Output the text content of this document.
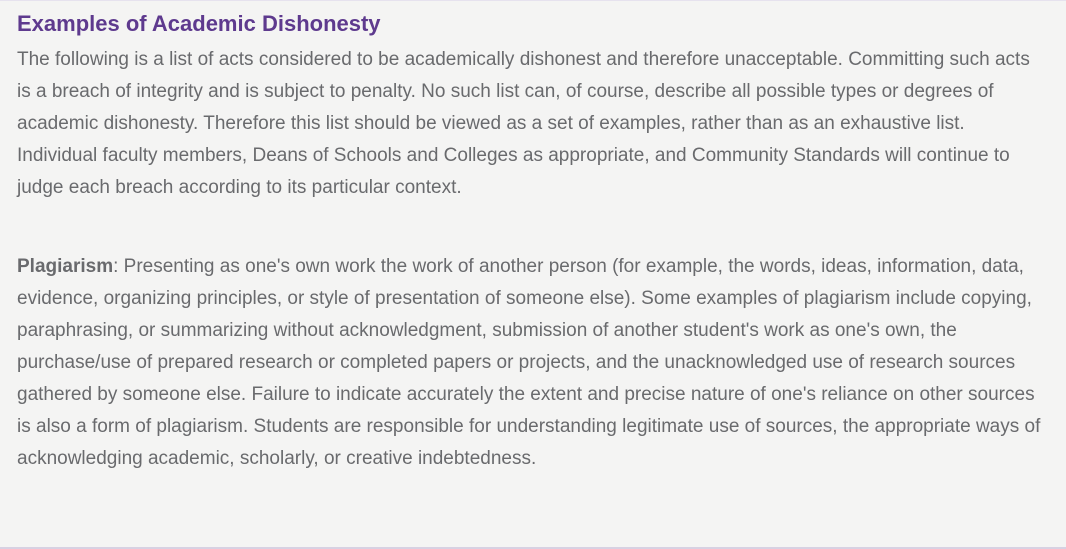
Examples of Academic Dishonesty

The following is a list of acts considered to be academically dishonest and therefore unacceptable. Committing such acts is a breach of integrity and is subject to penalty. No such list can, of course, describe all possible types or degrees of academic dishonesty. Therefore this list should be viewed as a set of examples, rather than as an exhaustive list. Individual faculty members, Deans of Schools and Colleges as appropriate, and Community Standards will continue to judge each breach according to its particular context.

Plagiarism: Presenting as one's own work the work of another person (for example, the words, ideas, information, data, evidence, organizing principles, or style of presentation of someone else). Some examples of plagiarism include copying, paraphrasing, or summarizing without acknowledgment, submission of another student's work as one's own, the purchase/use of prepared research or completed papers or projects, and the unacknowledged use of research sources gathered by someone else. Failure to indicate accurately the extent and precise nature of one's reliance on other sources is also a form of plagiarism. Students are responsible for understanding legitimate use of sources, the appropriate ways of acknowledging academic, scholarly, or creative indebtedness.
